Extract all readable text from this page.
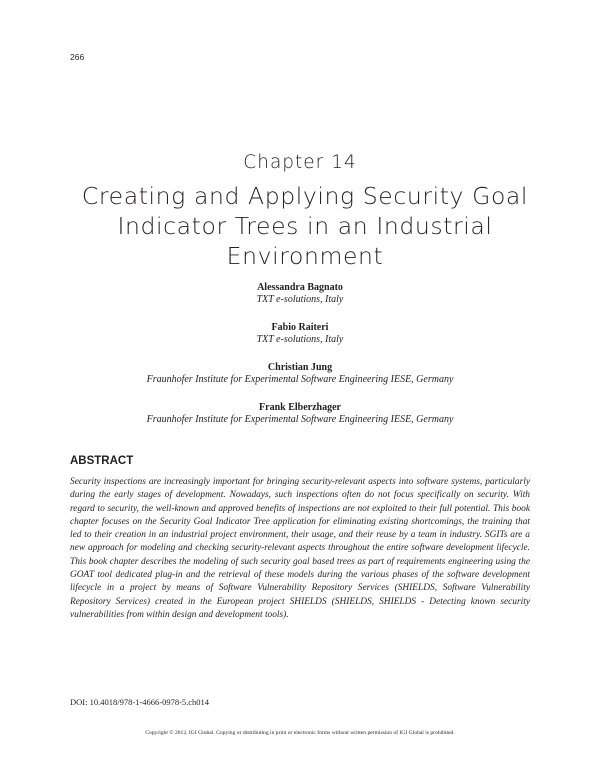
266
Chapter 14
Creating and Applying Security Goal Indicator Trees in an Industrial Environment
Alessandra Bagnato
TXT e-solutions, Italy
Fabio Raiteri
TXT e-solutions, Italy
Christian Jung
Fraunhofer Institute for Experimental Software Engineering IESE, Germany
Frank Elberzhager
Fraunhofer Institute for Experimental Software Engineering IESE, Germany
ABSTRACT

Security inspections are increasingly important for bringing security-relevant aspects into software systems, particularly during the early stages of development. Nowadays, such inspections often do not focus specifically on security. With regard to security, the well-known and approved benefits of inspections are not exploited to their full potential. This book chapter focuses on the Security Goal Indicator Tree application for eliminating existing shortcomings, the training that led to their creation in an industrial project environment, their usage, and their reuse by a team in industry. SGITs are a new approach for modeling and checking security-relevant aspects throughout the entire software development lifecycle. This book chapter describes the modeling of such security goal based trees as part of requirements engineering using the GOAT tool dedicated plug-in and the retrieval of these models during the various phases of the software development lifecycle in a project by means of Software Vulnerability Repository Services (SHIELDS, Software Vulnerability Repository Services) created in the European project SHIELDS (SHIELDS, SHIELDS - Detecting known security vulnerabilities from within design and development tools).

DOI: 10.4018/978-1-4666-0978-5.ch014
Copyright © 2012, IGI Global. Copying or distributing in print or electronic forms without written permission of IGI Global is prohibited.
